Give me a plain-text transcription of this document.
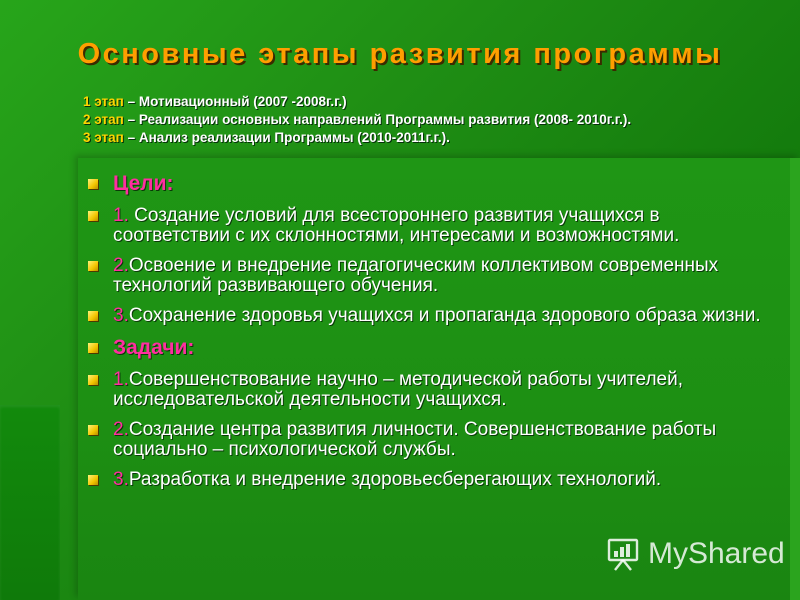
Основные этапы развития программы
1 этап – Мотивационный (2007 -2008г.г.)
2 этап – Реализации основных направлений Программы развития (2008- 2010г.г.).
3 этап – Анализ реализации Программы (2010-2011г.г.).
Цели:
1. Создание условий для всестороннего развития учащихся в соответствии с их склонностями, интересами и возможностями.
2.Освоение и внедрение педагогическим коллективом современных технологий развивающего обучения.
3.Сохранение здоровья учащихся и пропаганда здорового образа жизни.
Задачи:
1.Совершенствование научно – методической работы учителей, исследовательской деятельности учащихся.
2.Создание центра развития личности. Совершенствование работы социально – психологической службы.
3.Разработка и внедрение здоровьесберегающих технологий.
MyShared
